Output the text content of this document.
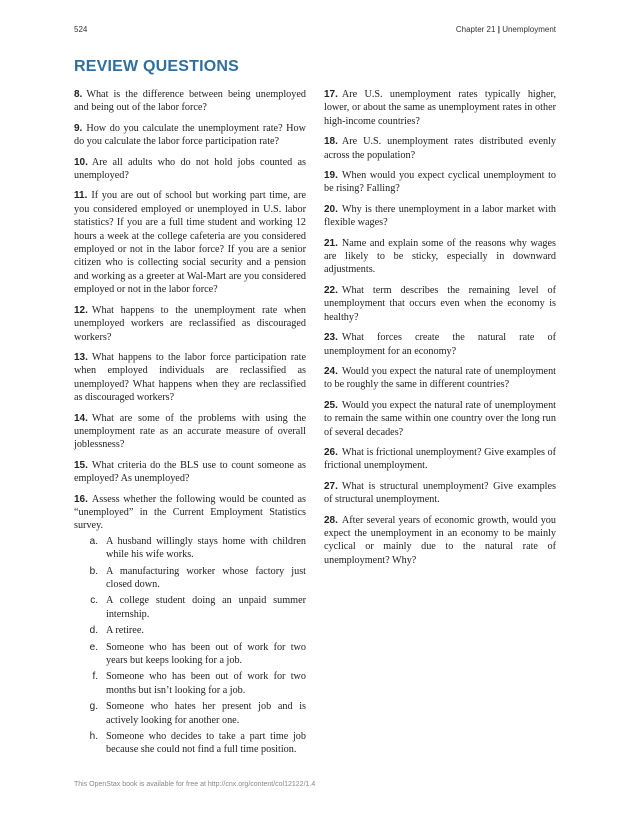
524	Chapter 21 | Unemployment
REVIEW QUESTIONS

8. What is the difference between being unemployed and being out of the labor force?

9. How do you calculate the unemployment rate? How do you calculate the labor force participation rate?

10. Are all adults who do not hold jobs counted as unemployed?

11. If you are out of school but working part time, are you considered employed or unemployed in U.S. labor statistics? If you are a full time student and working 12 hours a week at the college cafeteria are you considered employed or not in the labor force? If you are a senior citizen who is collecting social security and a pension and working as a greeter at Wal-Mart are you considered employed or not in the labor force?

12. What happens to the unemployment rate when unemployed workers are reclassified as discouraged workers?

13. What happens to the labor force participation rate when employed individuals are reclassified as unemployed? What happens when they are reclassified as discouraged workers?

14. What are some of the problems with using the unemployment rate as an accurate measure of overall joblessness?

15. What criteria do the BLS use to count someone as employed? As unemployed?

16. Assess whether the following would be counted as “unemployed” in the Current Employment Statistics survey.
a. A husband willingly stays home with children while his wife works.
b. A manufacturing worker whose factory just closed down.
c. A college student doing an unpaid summer internship.
d. A retiree.
e. Someone who has been out of work for two years but keeps looking for a job.
f. Someone who has been out of work for two months but isn’t looking for a job.
g. Someone who hates her present job and is actively looking for another one.
h. Someone who decides to take a part time job because she could not find a full time position.

17. Are U.S. unemployment rates typically higher, lower, or about the same as unemployment rates in other high-income countries?

18. Are U.S. unemployment rates distributed evenly across the population?

19. When would you expect cyclical unemployment to be rising? Falling?

20. Why is there unemployment in a labor market with flexible wages?

21. Name and explain some of the reasons why wages are likely to be sticky, especially in downward adjustments.

22. What term describes the remaining level of unemployment that occurs even when the economy is healthy?

23. What forces create the natural rate of unemployment for an economy?

24. Would you expect the natural rate of unemployment to be roughly the same in different countries?

25. Would you expect the natural rate of unemployment to remain the same within one country over the long run of several decades?

26. What is frictional unemployment? Give examples of frictional unemployment.

27. What is structural unemployment? Give examples of structural unemployment.

28. After several years of economic growth, would you expect the unemployment in an economy to be mainly cyclical or mainly due to the natural rate of unemployment? Why?

This OpenStax book is available for free at http://cnx.org/content/col12122/1.4
